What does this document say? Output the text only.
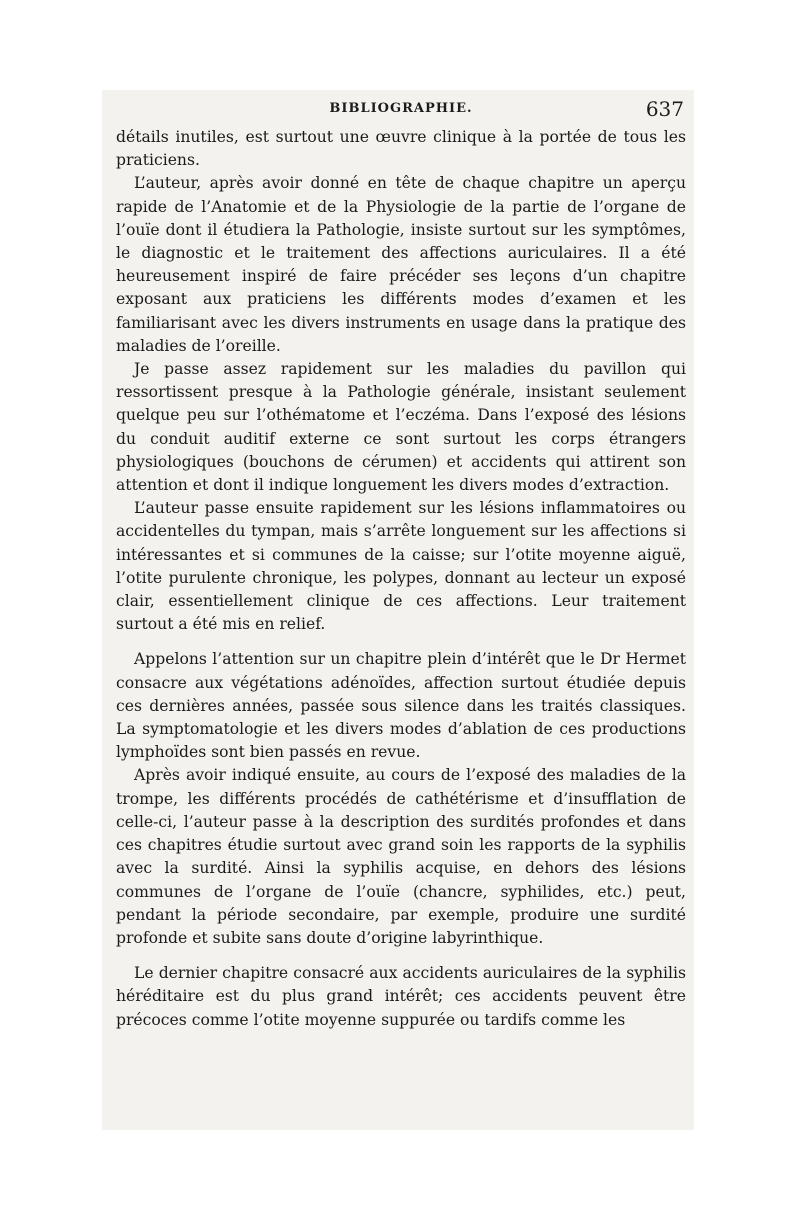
BIBLIOGRAPHIE.	637

détails inutiles, est surtout une œuvre clinique à la portée de tous les praticiens.

L’auteur, après avoir donné en tête de chaque chapitre un aperçu rapide de l’Anatomie et de la Physiologie de la partie de l’organe de l’ouïe dont il étudiera la Pathologie, insiste surtout sur les symptômes, le diagnostic et le traitement des affections auriculaires. Il a été heureusement inspiré de faire précéder ses leçons d’un chapitre exposant aux praticiens les différents modes d’examen et les familiarisant avec les divers instruments en usage dans la pratique des maladies de l’oreille.

Je passe assez rapidement sur les maladies du pavillon qui ressortissent presque à la Pathologie générale, insistant seulement quelque peu sur l’othématome et l’eczéma. Dans l’exposé des lésions du conduit auditif externe ce sont surtout les corps étrangers physiologiques (bouchons de cérumen) et accidents qui attirent son attention et dont il indique longuement les divers modes d’extraction.

L’auteur passe ensuite rapidement sur les lésions inflammatoires ou accidentelles du tympan, mais s’arrête longuement sur les affections si intéressantes et si communes de la caisse; sur l’otite moyenne aiguë, l’otite purulente chronique, les polypes, donnant au lecteur un exposé clair, essentiellement clinique de ces affections. Leur traitement surtout a été mis en relief.

Appelons l’attention sur un chapitre plein d’intérêt que le Dr Hermet consacre aux végétations adénoïdes, affection surtout étudiée depuis ces dernières années, passée sous silence dans les traités classiques. La symptomatologie et les divers modes d’ablation de ces productions lymphoïdes sont bien passés en revue.

Après avoir indiqué ensuite, au cours de l’exposé des maladies de la trompe, les différents procédés de cathétérisme et d’insufflation de celle-ci, l’auteur passe à la description des surdités profondes et dans ces chapitres étudie surtout avec grand soin les rapports de la syphilis avec la surdité. Ainsi la syphilis acquise, en dehors des lésions communes de l’organe de l’ouïe (chancre, syphilides, etc.) peut, pendant la période secondaire, par exemple, produire une surdité profonde et subite sans doute d’origine labyrinthique.

Le dernier chapitre consacré aux accidents auriculaires de la syphilis héréditaire est du plus grand intérêt; ces accidents peuvent être précoces comme l’otite moyenne suppurée ou tardifs comme les
